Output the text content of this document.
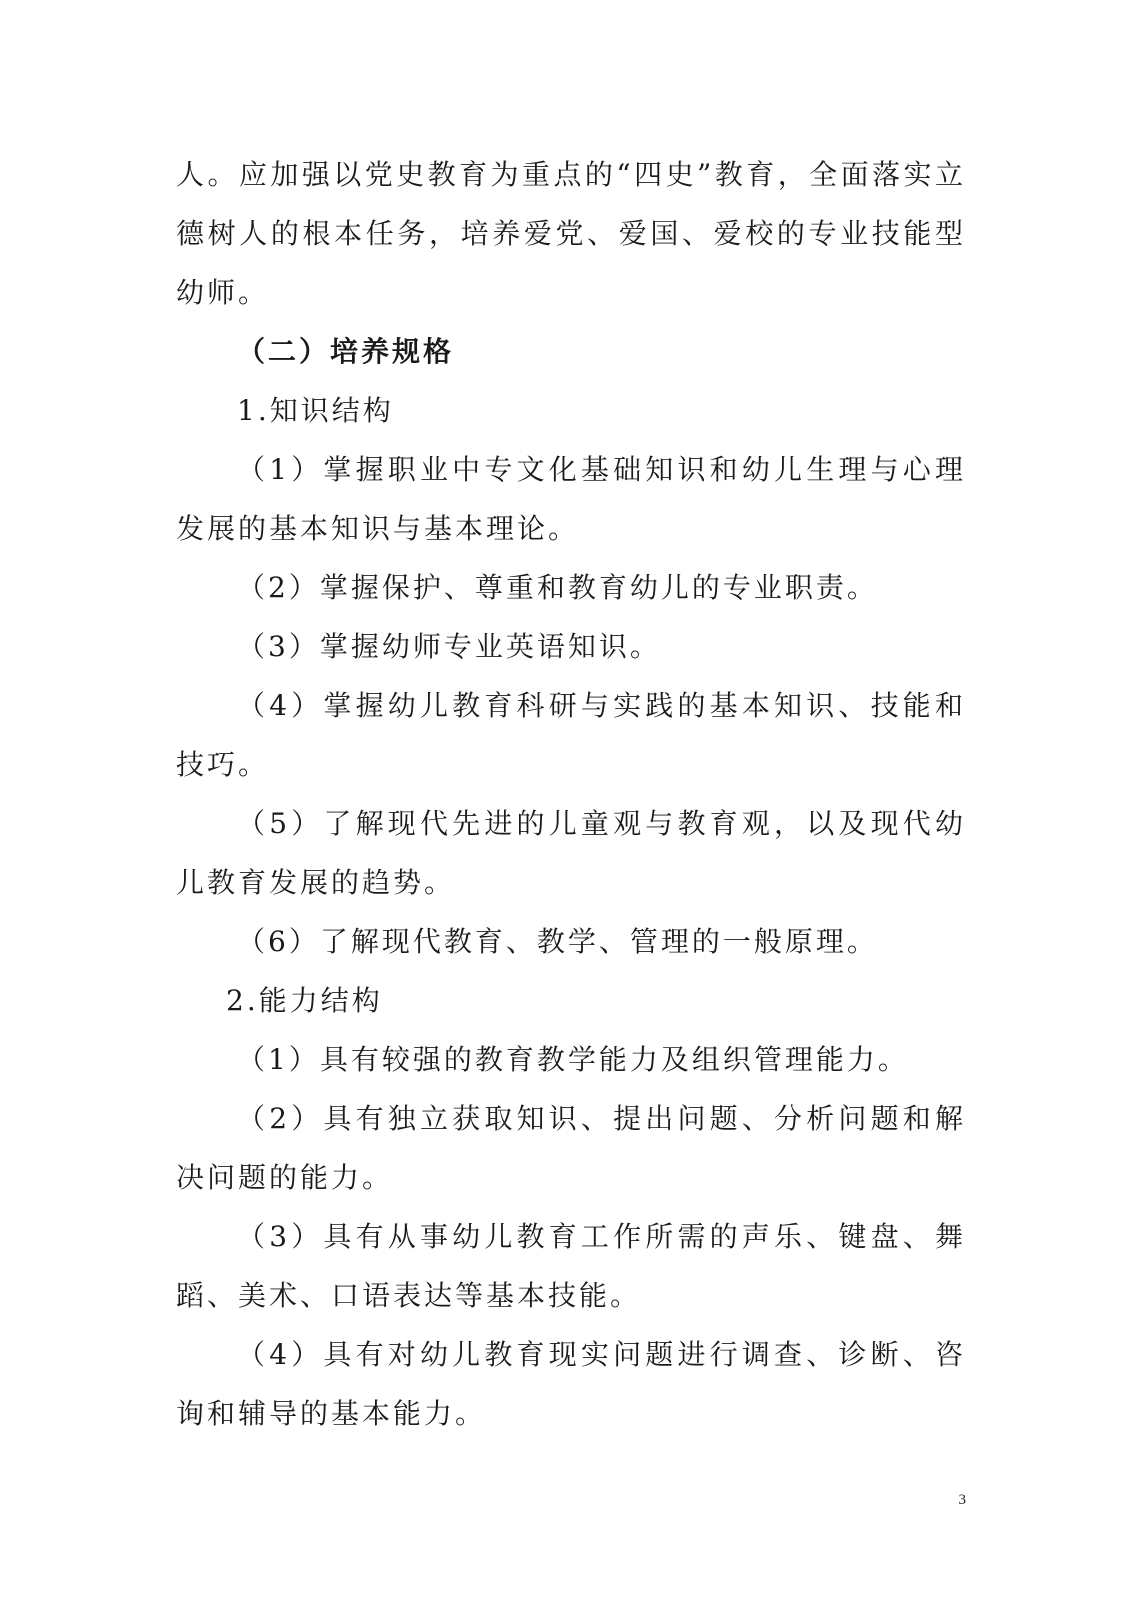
人。应加强以党史教育为重点的“四史”教育，全面落实立德树人的根本任务，培养爱党、爱国、爱校的专业技能型幼师。

（二）培养规格

1.知识结构

（1）掌握职业中专文化基础知识和幼儿生理与心理发展的基本知识与基本理论。

（2）掌握保护、尊重和教育幼儿的专业职责。

（3）掌握幼师专业英语知识。

（4）掌握幼儿教育科研与实践的基本知识、技能和技巧。

（5）了解现代先进的儿童观与教育观，以及现代幼儿教育发展的趋势。

（6）了解现代教育、教学、管理的一般原理。

2.能力结构

（1）具有较强的教育教学能力及组织管理能力。

（2）具有独立获取知识、提出问题、分析问题和解决问题的能力。

（3）具有从事幼儿教育工作所需的声乐、键盘、舞蹈、美术、口语表达等基本技能。

（4）具有对幼儿教育现实问题进行调查、诊断、咨询和辅导的基本能力。

3
